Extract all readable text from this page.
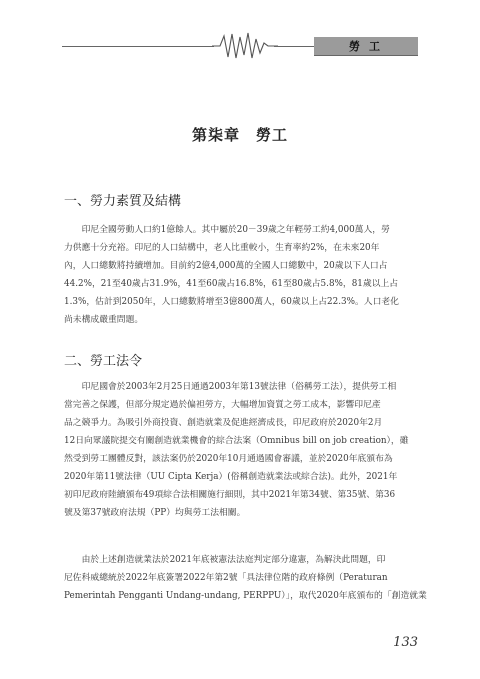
勞工
第柒章　勞工
一、勞力素質及結構

　　印尼全國勞動人口約1億餘人。其中屬於20－39歲之年輕勞工約4,000萬人，勞

力供應十分充裕。印尼的人口結構中，老人比重較小，生育率約2%，在未來20年

內，人口總數將持續增加。目前約2億4,000萬的全國人口總數中，20歲以下人口占

44.2%，21至40歲占31.9%，41至60歲占16.8%，61至80歲占5.8%，81歲以上占

1.3%，估計到2050年，人口總數將增至3億800萬人，60歲以上占22.3%。人口老化

尚未構成嚴重問題。

二、勞工法令

　　印尼國會於2003年2月25日通過2003年第13號法律（俗稱勞工法），提供勞工相

當完善之保護，但部分規定過於偏袒勞方，大幅增加資質之勞工成本，影響印尼產

品之競爭力。為吸引外商投資、創造就業及促進經濟成長，印尼政府於2020年2月

12日向眾議院提交有關創造就業機會的綜合法案（Omnibus bill on job creation），雖

然受到勞工團體反對，該法案仍於2020年10月通過國會審議，並於2020年底頒布為

2020年第11號法律（UU Cipta Kerja）(俗稱創造就業法或綜合法)。此外，2021年

初印尼政府陸續頒布49項綜合法相關施行細則，其中2021年第34號、第35號、第36

號及第37號政府法規（PP）均與勞工法相關。

　　由於上述創造就業法於2021年底被憲法法庭判定部分違憲，為解決此問題，印

尼佐科威總統於2022年底簽署2022年第2號「具法律位階的政府條例（Peraturan

Pemerintah Pengganti Undang-undang, PERPPU）」，取代2020年底頒布的「創造就業

133
